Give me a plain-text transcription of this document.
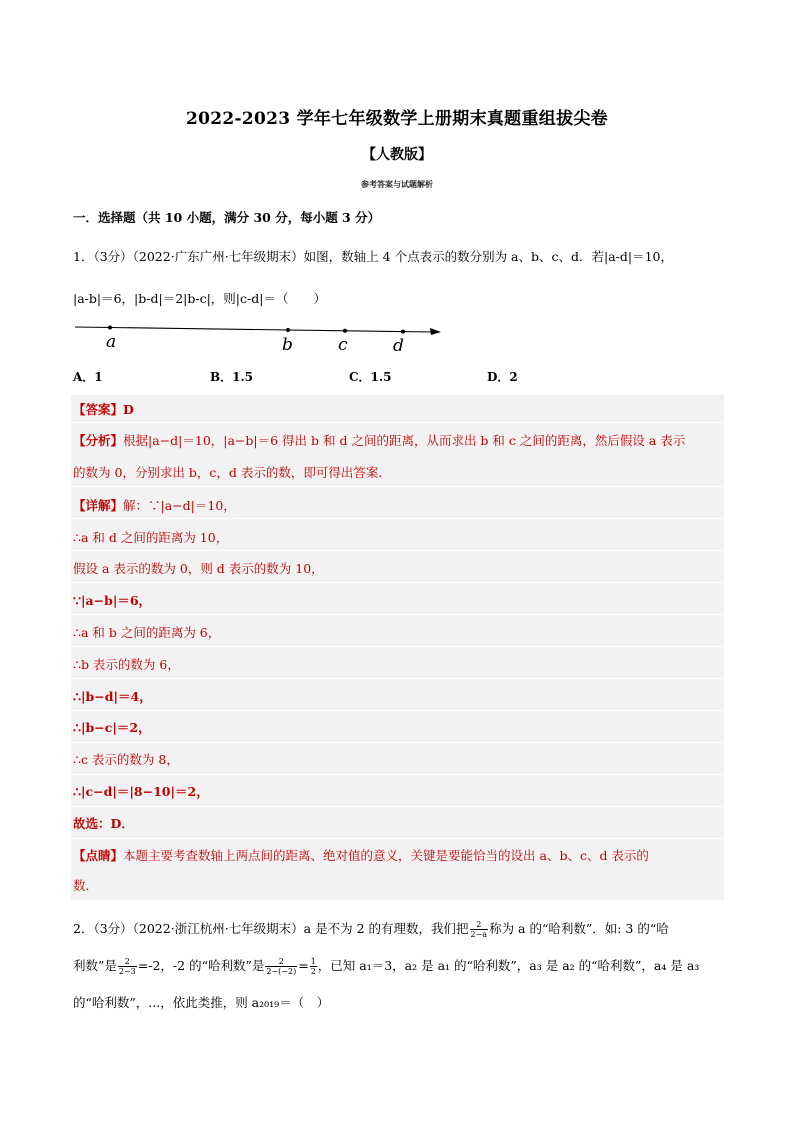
2022-2023 学年七年级数学上册期末真题重组拔尖卷
【人教版】
参考答案与试题解析
一．选择题（共 10 小题，满分 30 分，每小题 3 分）
1．（3分）（2022·广东广州·七年级期末）如图，数轴上 4 个点表示的数分别为 a、b、c、d．若|a-d|＝10，
|a-b|＝6，|b-d|＝2|b-c|，则|c-d|＝（　　）
a	b	c	d
A．1	B．1.5	C．1.5	D．2
【答案】D
【分析】根据|a−d|＝10，|a−b|＝6 得出 b 和 d 之间的距离，从而求出 b 和 c 之间的距离，然后假设 a 表示
的数为 0，分别求出 b，c，d 表示的数，即可得出答案．
【详解】解：∵|a−d|＝10，
∴a 和 d 之间的距离为 10，
假设 a 表示的数为 0，则 d 表示的数为 10，
∵|a−b|＝6，
∴a 和 b 之间的距离为 6，
∴b 表示的数为 6，
∴|b−d|＝4，
∴|b−c|＝2，
∴c 表示的数为 8，
∴|c−d|＝|8−10|＝2，
故选：D．
【点睛】本题主要考查数轴上两点间的距离、绝对值的意义，关键是要能恰当的设出 a、b、c、d 表示的
数．
2．（3分）（2022·浙江杭州·七年级期末）a 是不为 2 的有理数，我们把 $\frac{2}{2-a}$ 称为 a 的“哈利数”．如: 3 的“哈
利数”是 $\frac{2}{2-3} =-2$，-2 的“哈利数”是 $\frac{2}{2-(-2)} = \frac{1}{2}$ ，已知 a₁＝3，a₂ 是 a₁ 的“哈利数”，a₃ 是 a₂ 的“哈利数”，a₄ 是 a₃
的“哈利数”，...，依此类推，则 a₂₀₁₉＝（　）
